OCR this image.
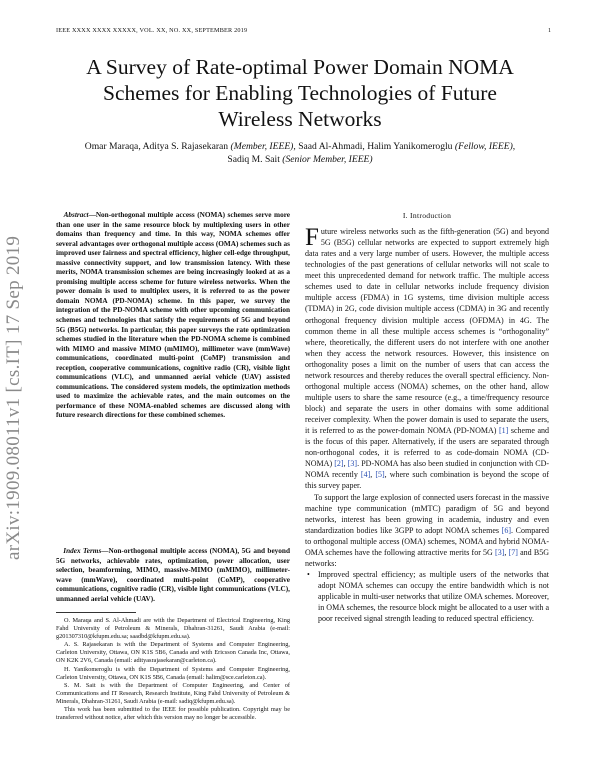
IEEE XXXX XXXX XXXXX, VOL. XX, NO. XX, SEPTEMBER 2019	1
A Survey of Rate-optimal Power Domain NOMA
Schemes for Enabling Technologies of Future
Wireless Networks
Omar Maraqa, Aditya S. Rajasekaran (Member, IEEE), Saad Al-Ahmadi, Halim Yanikomeroglu (Fellow, IEEE),
Sadiq M. Sait (Senior Member, IEEE)
arXiv:1909.08011v1 [cs.IT] 17 Sep 2019
Abstract—Non-orthogonal multiple access (NOMA) schemes serve more than one user in the same resource block by multiplexing users in other domains than frequency and time. In this way, NOMA schemes offer several advantages over orthogonal multiple access (OMA) schemes such as improved user fairness and spectral efficiency, higher cell-edge throughput, massive connectivity support, and low transmission latency. With these merits, NOMA transmission schemes are being increasingly looked at as a promising multiple access scheme for future wireless networks. When the power domain is used to multiplex users, it is referred to as the power domain NOMA (PD-NOMA) scheme. In this paper, we survey the integration of the PD-NOMA scheme with other upcoming communication schemes and technologies that satisfy the requirements of 5G and beyond 5G (B5G) networks. In particular, this paper surveys the rate optimization schemes studied in the literature when the PD-NOMA scheme is combined with MIMO and massive MIMO (mMIMO), millimeter wave (mmWave) communications, coordinated multi-point (CoMP) transmission and reception, cooperative communications, cognitive radio (CR), visible light communications (VLC), and unmanned aerial vehicle (UAV) assisted communications. The considered system models, the optimization methods used to maximize the achievable rates, and the main outcomes on the performance of these NOMA-enabled schemes are discussed along with future research directions for these combined schemes.
Index Terms—Non-orthogonal multiple access (NOMA), 5G and beyond 5G networks, achievable rates, optimization, power allocation, user selection, beamforming, MIMO, massive-MIMO (mMIMO), millimeter-wave (mmWave), coordinated multi-point (CoMP), cooperative communications, cognitive radio (CR), visible light communications (VLC), unmanned aerial vehicle (UAV).

O. Maraqa and S. Al-Ahmadi are with the Department of Electrical Engineering, King Fahd University of Petroleum & Minerals, Dhahran-31261, Saudi Arabia (e-mail: g201307310@kfupm.edu.sa; saadbd@kfupm.edu.sa).

A. S. Rajasekaran is with the Department of Systems and Computer Engineering, Carleton University, Ottawa, ON K1S 5B6, Canada and with Ericsson Canada Inc, Ottawa, ON K2K 2V6, Canada (email: adityasrajasekaran@carleton.ca).

H. Yanikomeroglu is with the Department of Systems and Computer Engineering, Carleton University, Ottawa, ON K1S 5B6, Canada (email: halim@sce.carleton.ca).

S. M. Sait is with the Department of Computer Engineering, and Center of Communications and IT Research, Research Institute, King Fahd University of Petroleum & Minerals, Dhahran-31261, Saudi Arabia (e-mail: sadiq@kfupm.edu.sa).

This work has been submitted to the IEEE for possible publication. Copyright may be transferred without notice, after which this version may no longer be accessible.

I. Introduction

Future wireless networks such as the fifth-generation (5G) and beyond 5G (B5G) cellular networks are expected to support extremely high data rates and a very large number of users. However, the multiple access technologies of the past generations of cellular networks will not scale to meet this unprecedented demand for network traffic. The multiple access schemes used to date in cellular networks include frequency division multiple access (FDMA) in 1G systems, time division multiple access (TDMA) in 2G, code division multiple access (CDMA) in 3G and recently orthogonal frequency division multiple access (OFDMA) in 4G. The common theme in all these multiple access schemes is “orthogonality” where, theoretically, the different users do not interfere with one another when they access the network resources. However, this insistence on orthogonality poses a limit on the number of users that can access the network resources and thereby reduces the overall spectral efficiency. Non-orthogonal multiple access (NOMA) schemes, on the other hand, allow multiple users to share the same resource (e.g., a time/frequency resource block) and separate the users in other domains with some additional receiver complexity. When the power domain is used to separate the users, it is referred to as the power-domain NOMA (PD-NOMA) [1] scheme and is the focus of this paper. Alternatively, if the users are separated through non-orthogonal codes, it is referred to as code-domain NOMA (CD-NOMA) [2], [3]. PD-NOMA has also been studied in conjunction with CD-NOMA recently [4], [5], where such combination is beyond the scope of this survey paper.

To support the large explosion of connected users forecast in the massive machine type communication (mMTC) paradigm of 5G and beyond networks, interest has been growing in academia, industry and even standardization bodies like 3GPP to adopt NOMA schemes [6]. Compared to orthogonal multiple access (OMA) schemes, NOMA and hybrid NOMA-OMA schemes have the following attractive merits for 5G [3], [7] and B5G networks:

• Improved spectral efficiency; as multiple users of the networks that adopt NOMA schemes can occupy the entire bandwidth which is not applicable in multi-user networks that utilize OMA schemes. Moreover, in OMA schemes, the resource block might be allocated to a user with a poor received signal strength leading to reduced spectral efficiency.
